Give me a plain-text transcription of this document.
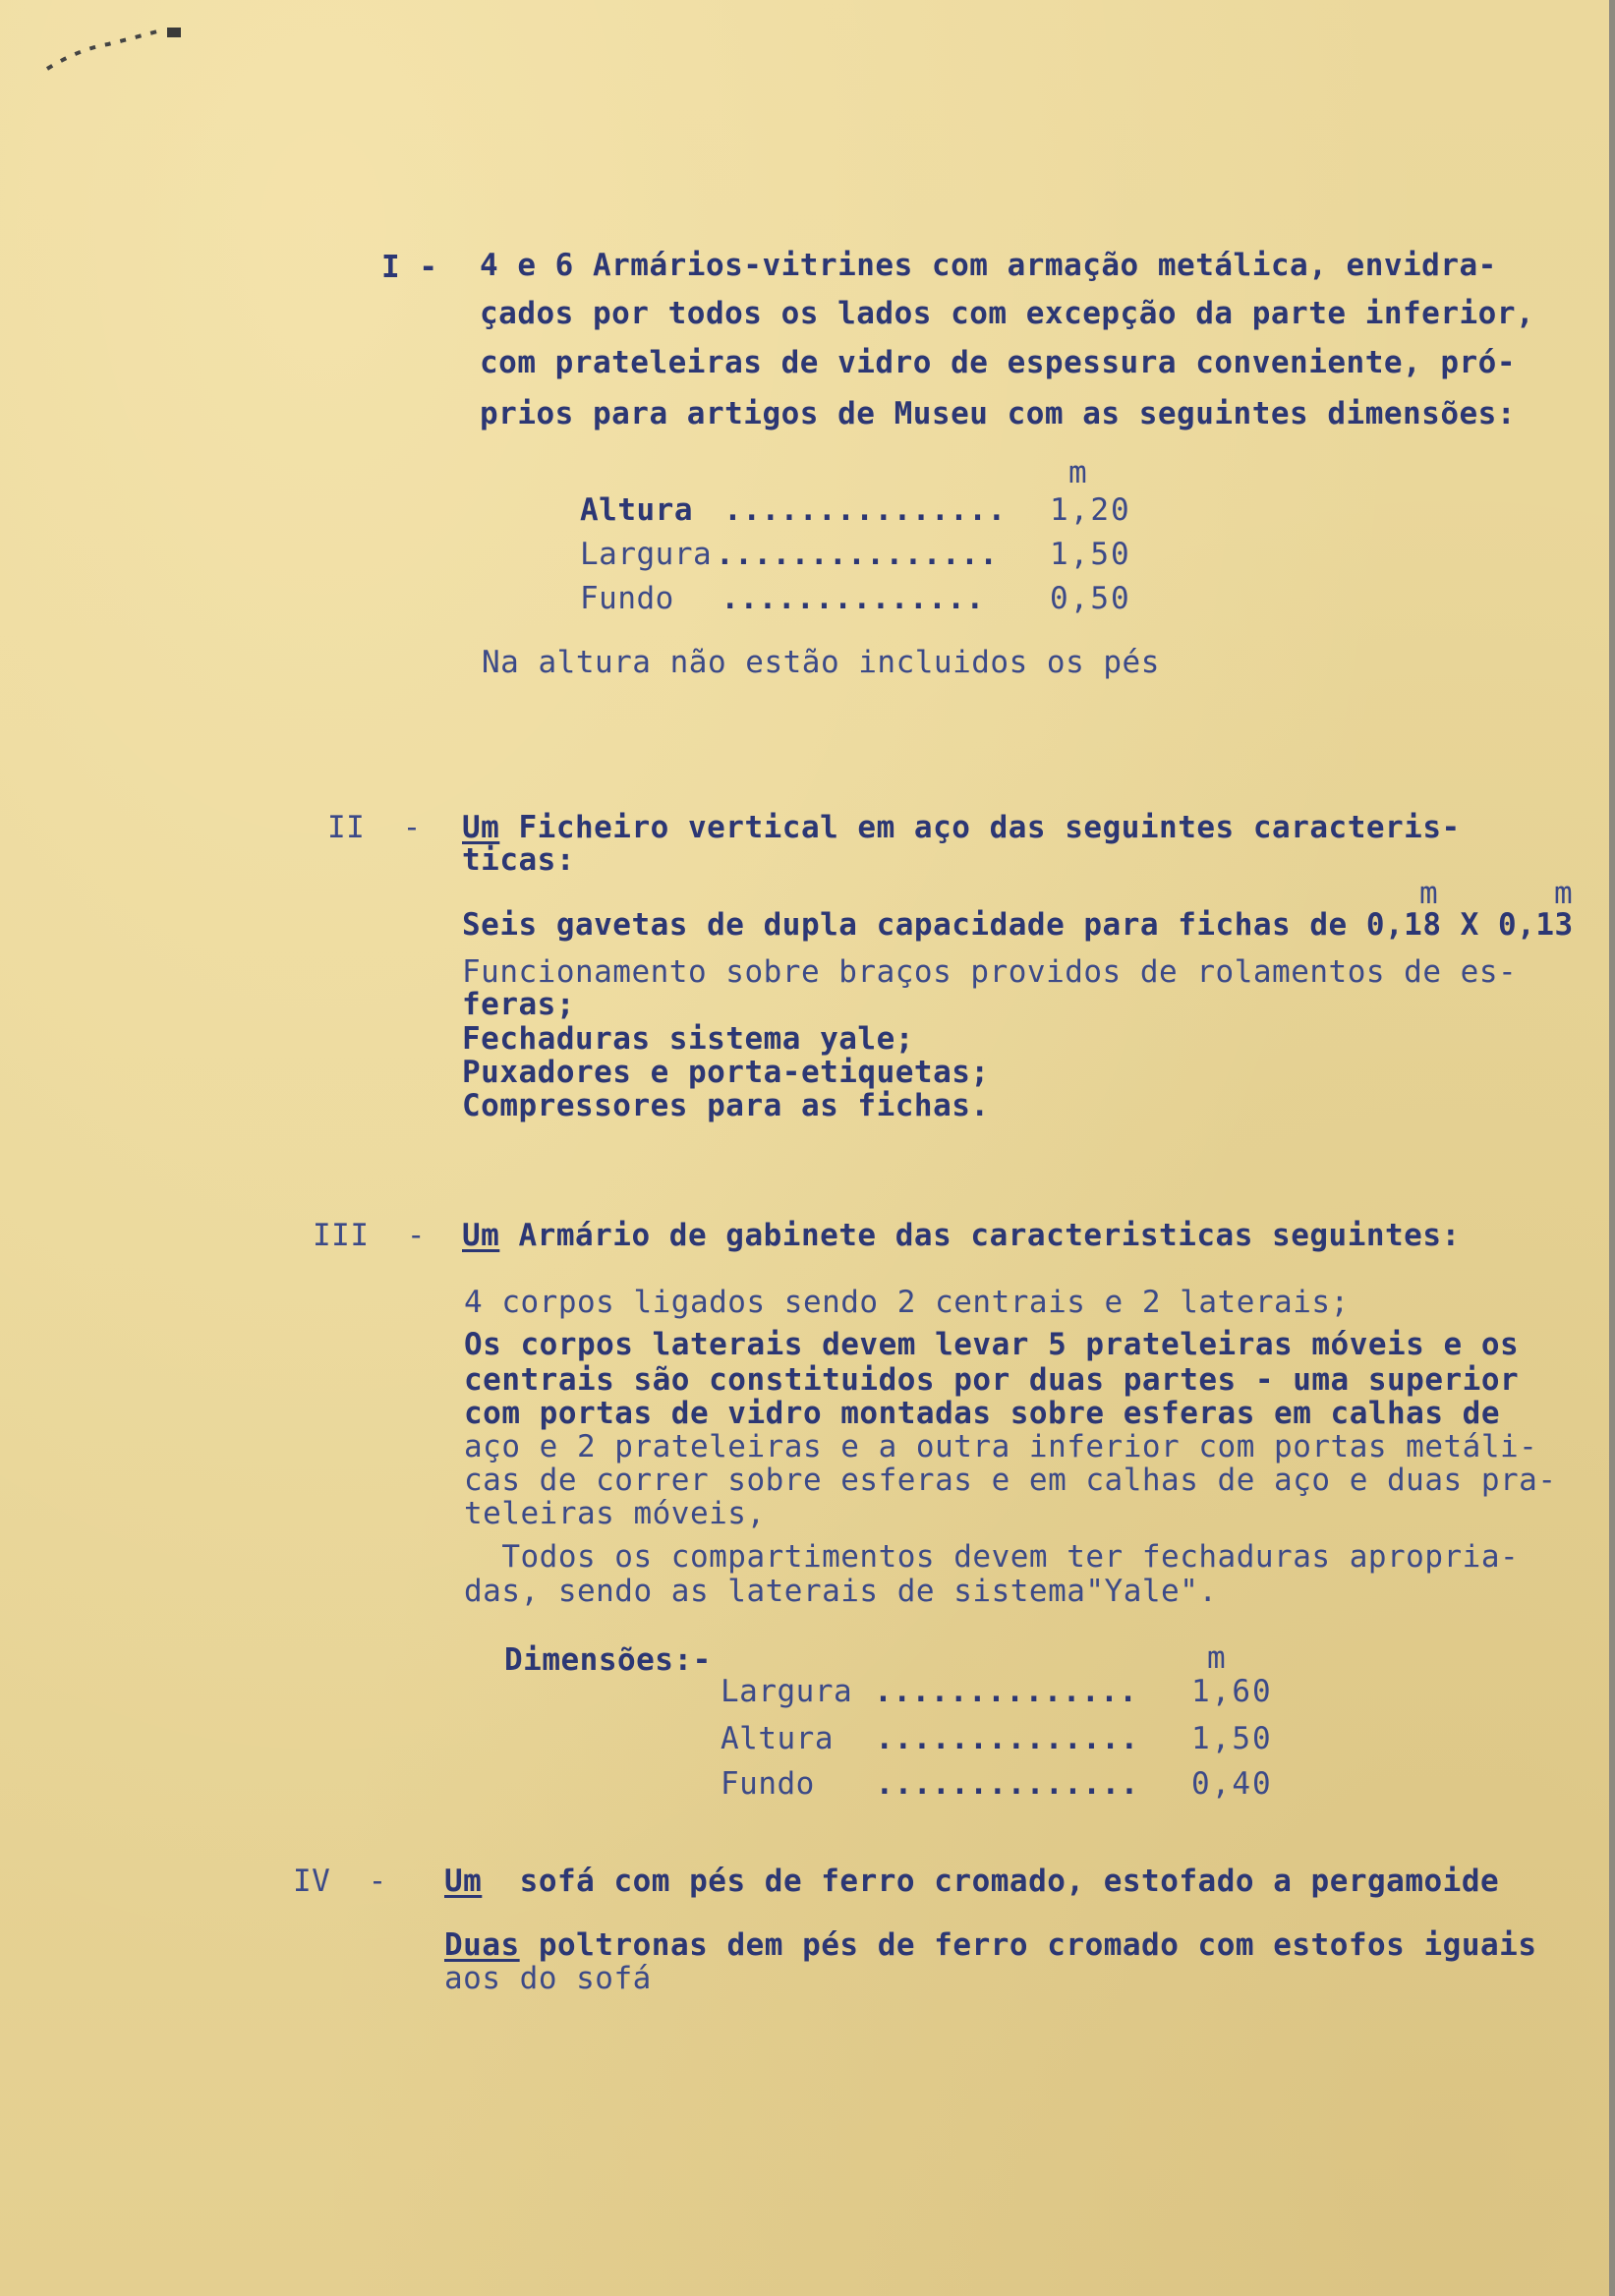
I - 4 e 6 Armários-vitrines com armação metálica, envidra-
çados por todos os lados com excepção da parte inferior,
com prateleiras de vidro de espessura conveniente, pró-
prios para artigos de Museu com as seguintes dimensões:
m
Altura ............... 1,20
Largura ............... 1,50
Fundo .............. 0,50
Na altura não estão incluidos os pés
II  - Um Ficheiro vertical em aço das seguintes caracteris-
ticas:
m	m
Seis gavetas de dupla capacidade para fichas de 0,18 X 0,13
Funcionamento sobre braços providos de rolamentos de es-
feras;
Fechaduras sistema yale;
Puxadores e porta-etiquetas;
Compressores para as fichas.
III  - Um Armário de gabinete das caracteristicas seguintes:
4 corpos ligados sendo 2 centrais e 2 laterais;
Os corpos laterais devem levar 5 prateleiras móveis e os
centrais são constituidos por duas partes - uma superior
com portas de vidro montadas sobre esferas em calhas de
aço e 2 prateleiras e a outra inferior com portas metáli-
cas de correr sobre esferas e em calhas de aço e duas pra-
teleiras móveis,
Todos os compartimentos devem ter fechaduras apropria-
das, sendo as laterais de sistema"Yale".
Dimensões:-	m
Largura .............. 1,60
Altura .............. 1,50
Fundo .............. 0,40
IV  - Um  sofá com pés de ferro cromado, estofado a pergamoide
Duas poltronas dem pés de ferro cromado com estofos iguais
aos do sofá
